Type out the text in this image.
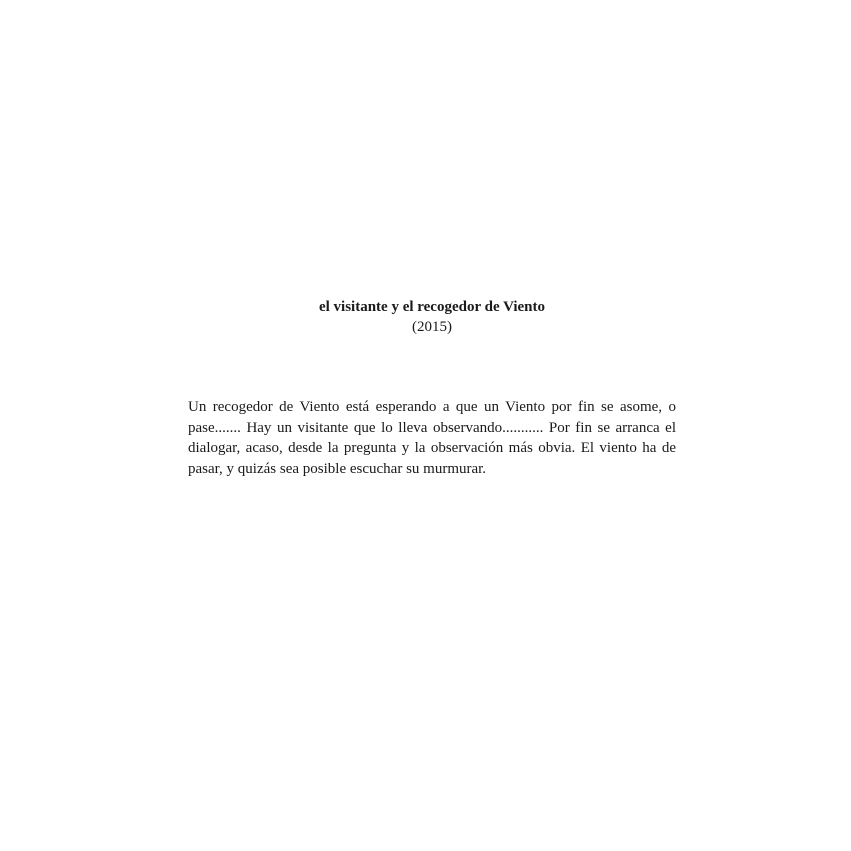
el visitante y el recogedor de Viento
(2015)

Un recogedor de Viento está esperando a que un Viento por fin se asome, o pase....... Hay un visitante que lo lleva observando........... Por fin se arranca el dialogar, acaso, desde la pregunta y la observación más obvia. El viento ha de pasar, y quizás sea posible escuchar su murmurar.
